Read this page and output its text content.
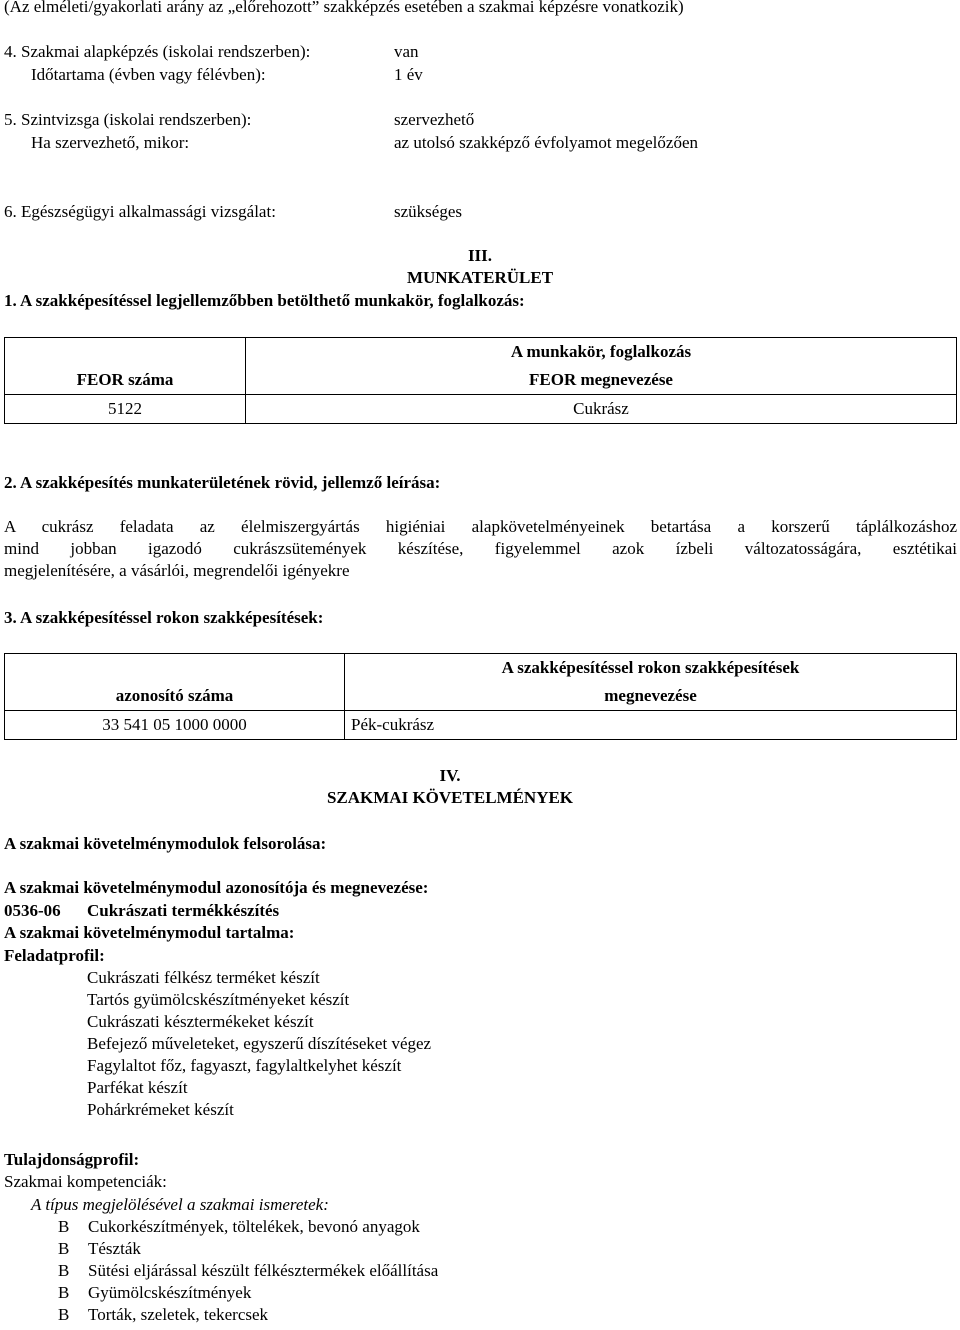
(Az elméleti/gyakorlati arány az „előrehozott” szakképzés esetében a szakmai képzésre vonatkozik)
4. Szakmai alapképzés (iskolai rendszerben):	van
Időtartama (évben vagy félévben):	1 év
5. Szintvizsga (iskolai rendszerben):	szervezhető
Ha szervezhető, mikor:	az utolsó szakképző évfolyamot megelőzően
6. Egészségügyi alkalmassági vizsgálat:	szükséges
III.
MUNKATERÜLET
1. A szakképesítéssel legjellemzőbben betölthető munkakör, foglalkozás:
	A munkakör, foglalkozás
FEOR száma	FEOR megnevezése
5122	Cukrász
2. A szakképesítés munkaterületének rövid, jellemző leírása:
A cukrász feladata az élelmiszergyártás higiéniai alapkövetelményeinek betartása a korszerű táplálkozáshoz
mind jobban igazodó cukrászsütemények készítése, figyelemmel azok ízbeli változatosságára, esztétikai
megjelenítésére, a vásárlói, megrendelői igényekre
3. A szakképesítéssel rokon szakképesítések:
	A szakképesítéssel rokon szakképesítések
azonosító száma	megnevezése
33 541 05 1000 0000	Pék-cukrász
IV.
SZAKMAI KÖVETELMÉNYEK
A szakmai követelménymodulok felsorolása:
A szakmai követelménymodul azonosítója és megnevezése:
0536-06 Cukrászati termékkészítés
A szakmai követelménymodul tartalma:
Feladatprofil:
Cukrászati félkész terméket készít
Tartós gyümölcskészítményeket készít
Cukrászati késztermékeket készít
Befejező műveleteket, egyszerű díszítéseket végez
Fagylaltot főz, fagyaszt, fagylaltkelyhet készít
Parfékat készít
Pohárkrémeket készít
Tulajdonságprofil:
Szakmai kompetenciák:
A típus megjelölésével a szakmai ismeretek:
B Cukorkészítmények, töltelékek, bevonó anyagok
B Tészták
B Sütési eljárással készült félkésztermékek előállítása
B Gyümölcskészítmények
B Torták, szeletek, tekercsek
